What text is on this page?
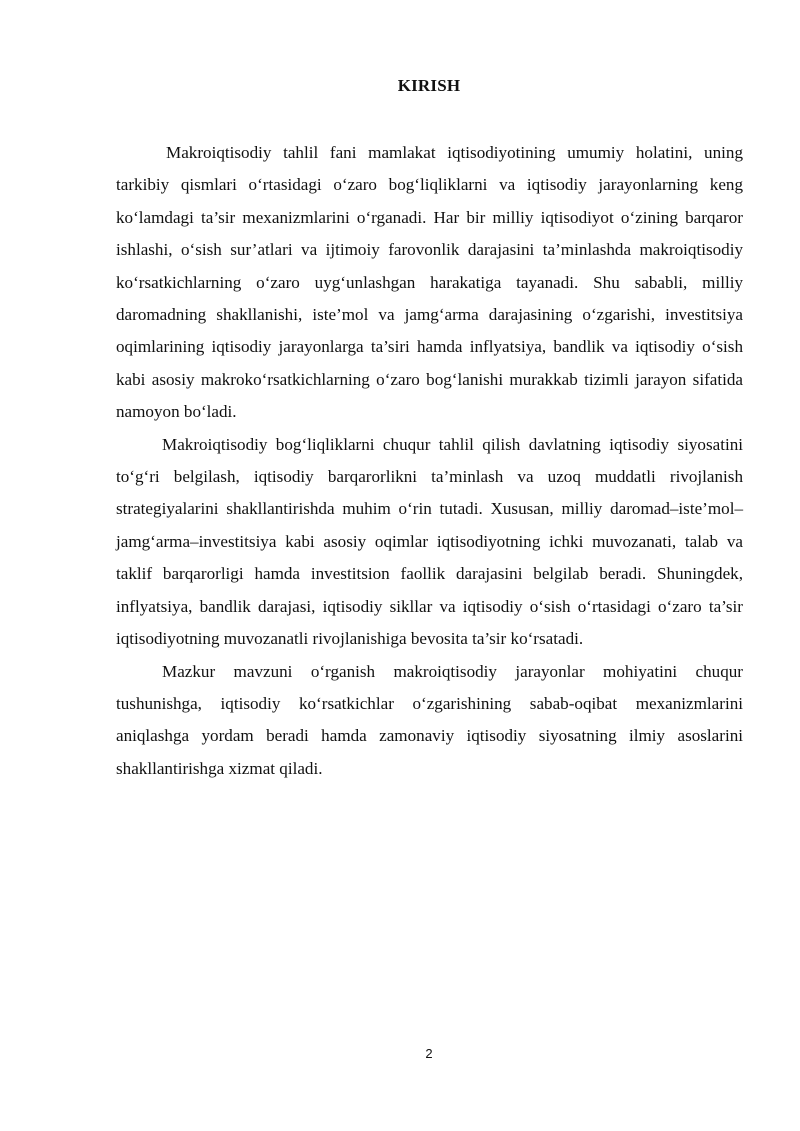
KIRISH

Makroiqtisodiy tahlil fani mamlakat iqtisodiyotining umumiy holatini, uning tarkibiy qismlari o‘rtasidagi o‘zaro bog‘liqliklarni va iqtisodiy jarayonlarning keng ko‘lamdagi ta’sir mexanizmlarini o‘rganadi. Har bir milliy iqtisodiyot o‘zining barqaror ishlashi, o‘sish sur’atlari va ijtimoiy farovonlik darajasini ta’minlashda makroiqtisodiy ko‘rsatkichlarning o‘zaro uyg‘unlashgan harakatiga tayanadi. Shu sababli, milliy daromadning shakllanishi, iste’mol va jamg‘arma darajasining o‘zgarishi, investitsiya oqimlarining iqtisodiy jarayonlarga ta’siri hamda inflyatsiya, bandlik va iqtisodiy o‘sish kabi asosiy makroko‘rsatkichlarning o‘zaro bog‘lanishi murakkab tizimli jarayon sifatida namoyon bo‘ladi.

Makroiqtisodiy bog‘liqliklarni chuqur tahlil qilish davlatning iqtisodiy siyosatini to‘g‘ri belgilash, iqtisodiy barqarorlikni ta’minlash va uzoq muddatli rivojlanish strategiyalarini shakllantirishda muhim o‘rin tutadi. Xususan, milliy daromad–iste’mol–jamg‘arma–investitsiya kabi asosiy oqimlar iqtisodiyotning ichki muvozanati, talab va taklif barqarorligi hamda investitsion faollik darajasini belgilab beradi. Shuningdek, inflyatsiya, bandlik darajasi, iqtisodiy sikllar va iqtisodiy o‘sish o‘rtasidagi o‘zaro ta’sir iqtisodiyotning muvozanatli rivojlanishiga bevosita ta’sir ko‘rsatadi.

Mazkur mavzuni o‘rganish makroiqtisodiy jarayonlar mohiyatini chuqur tushunishga, iqtisodiy ko‘rsatkichlar o‘zgarishining sabab-oqibat mexanizmlarini aniqlashga yordam beradi hamda zamonaviy iqtisodiy siyosatning ilmiy asoslarini shakllantirishga xizmat qiladi.

2
